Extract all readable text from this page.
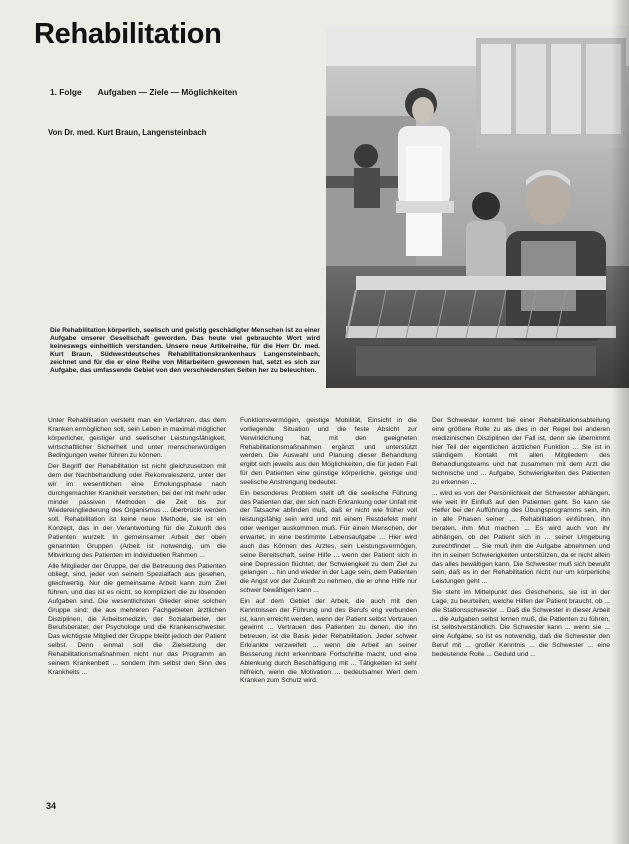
Rehabilitation
1. Folge Aufgaben — Ziele — Möglichkeiten
Von Dr. med. Kurt Braun, Langensteinbach
Die Rehabilitation körperlich, seelisch und geistig geschädigter Menschen ist zu einer Aufgabe unserer Gesellschaft geworden. Das heute viel gebrauchte Wort wird keineswegs einheitlich verstanden. Unsere neue Artikelreihe, für die Herr Dr. med. Kurt Braun, Südwestdeutsches Rehabilitationskrankenhaus Langensteinbach, zeichnet und für die er eine Reihe von Mitarbeitern gewonnen hat, setzt es sich zur Aufgabe, das umfassende Gebiet von den verschiedensten Seiten her zu beleuchten.

Unter Rehabilitation versteht man ein Verfahren, das dem Kranken ermöglichen soll, sein Leben in maximal möglicher körperlicher, geistiger und seelischer Leistungsfähigkeit, wirtschaftlicher Sicherheit und unter menschenwürdigen Bedingungen weiter führen zu können.

Der Begriff der Rehabilitation ist nicht gleichzusetzen mit dem der Nachbehandlung oder Rekonvaleszenz, unter der wir im wesentlichen eine Erholungsphase nach durchgemachter Krankheit verstehen, bei der mit mehr oder minder passiven Methoden die Zeit bis zur Wiedereingliederung des Organismus ... überbrückt werden soll. Rehabilitation ist keine neue Methode, sie ist ein Konzept, das in der Verantwortung für die Zukunft des Patienten wurzelt. In gemeinsamer Arbeit der oben genannten Gruppen (Arbeit ist notwendig, um die Mitwirkung des Patienten im individuellen Rahmen ...

Alle Mitglieder der Gruppe, der die Betreuung des Patienten obliegt, sind, jeder von seinem Spezialfach aus gesehen, gleichwertig. Nur die gemeinsame Arbeit kann zum Ziel führen, und das ist es nicht, so kompliziert die zu lösenden Aufgaben sind. Die wesentlichsten Glieder einer solchen Gruppe sind: die aus mehreren Fachgebieten ärztlichen Disziplinen, die Arbeitsmedizin, der Sozialarbeiter, der Berufsberater, der Psychologe und die Krankenschwester. Das wichtigste Mitglied der Gruppe bleibt jedoch der Patient selbst. Denn einmal soll die Zielsetzung der Rehabilitationsmaßnahmen nicht nur das Programm an seinem Krankenbett ... sondern ihm selbst den Sinn des Krankheits ...

Funktionsvermögen, geistige Mobilität, Einsicht in die vorliegende Situation und die feste Absicht zur Verwirklichung hat, mit den geeigneten Rehabilitationsmaßnahmen ergänzt und unterstützt werden. Die Auswahl und Planung dieser Behandlung ergibt sich jeweils aus den Möglichkeiten, die für jeden Fall für den Patienten eine günstige körperliche, geistige und seelische Anstrengung bedeutet.

Ein besonderes Problem stellt oft die seelische Führung des Patienten dar, der sich nach Erkrankung oder Unfall mit der Tatsache abfinden muß, daß er nicht wie früher voll leistungsfähig sein wird und mit einem Restdefekt mehr oder weniger auskommen muß. Für einen Menschen, der erwartet, in eine bestimmte Lebensaufgabe ... Hier wird auch das Können des Arztes, sein Leistungsvermögen, seine Bereitschaft, seine Hilfe ... wenn der Patient sich in eine Depression flüchtet, der Schwierigkeit zu dem Ziel zu gelangen ... hin und wieder in der Lage sein, dem Patienten die Angst vor der Zukunft zu nehmen, die er ohne Hilfe nur schwer bewältigen kann ...

Ein auf dem Gebiet der Arbeit, die auch mit den Kenntnissen der Führung und des Berufs eng verbunden ist, kann erreicht werden, wenn der Patient selbst Vertrauen gewinnt ... Vertrauen des Patienten zu denen, die ihn betreuen, ist die Basis jeder Rehabilitation. Jeder schwer Erkrankte verzweifelt ... wenn die Arbeit an seiner Besserung nicht erkennbare Fortschritte macht, und eine Ablenkung durch Beschäftigung mit ... Tätigkeiten ist sehr hilfreich, wenn die Motivation ... bedeutsamer Wert dem Kranken zum Schutz wird.

Der Schwester kommt bei einer Rehabilitationsabteilung eine größere Rolle zu als dies in der Regel bei anderen medizinischen Disziplinen der Fall ist, denn sie übernimmt hier Teil der eigentlichen ärztlichen Funktion ... Sie ist in ständigem Kontakt mit allen Mitgliedern des Behandlungsteams und hat zusammen mit dem Arzt die technische und ... Aufgabe, Schwierigkeiten des Patienten zu erkennen ...

... wird es von der Persönlichkeit der Schwester abhängen, wie weit ihr Einfluß auf den Patienten geht. So kann sie Helfer bei der Aufführung des Übungsprogramms sein, ihn in alle Phasen seiner ... Rehabilitation einführen, ihn beraten, ihm Mut machen ... Es wird auch von ihr abhängen, ob der Patient sich in ... seiner Umgebung zurechtfindet ... Sie muß ihm die Aufgabe abnehmen und ihn in seinen Schwierigkeiten unterstützen, da er nicht allein das alles bewältigen kann. Die Schwester muß sich bewußt sein, daß es in der Rehabilitation nicht nur um körperliche Leistungen geht ...

Sie steht im Mittelpunkt des Geschehens, sie ist in der Lage, zu beurteilen, welche Hilfen der Patient braucht, ob ... die Stationsschwester ... Daß die Schwester in dieser Arbeit ... die Aufgaben selbst lernen muß, die Patienten zu führen, ist selbstverständlich. Die Schwester kann ... wenn sie ... eine Aufgabe, so ist es notwendig, daß die Schwester den Beruf mit ... großer Kenntnis ... die Schwester ... eine bedeutende Rolle ... Geduld und ...

34
